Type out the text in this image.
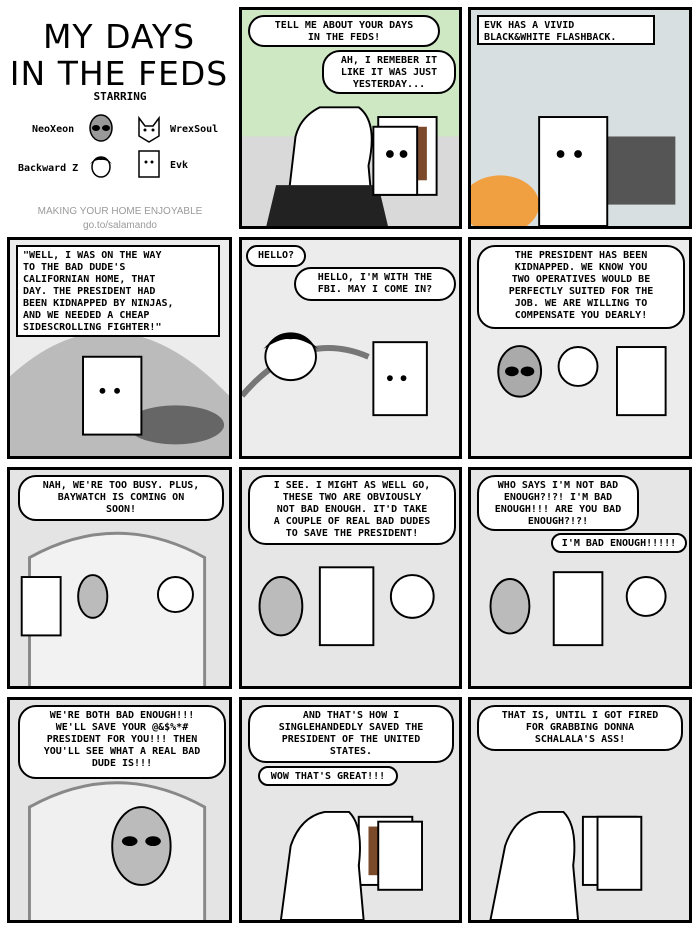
MY DAYS
IN THE FEDS
STARRING
NeoXeon	WrexSoul
Backward Z	Evk
MAKING YOUR HOME ENJOYABLE
go.to/salamando
TELL ME ABOUT YOUR DAYS
IN THE FEDS!
AH, I REMEBER IT
LIKE IT WAS JUST
YESTERDAY...
EVK HAS A VIVID
BLACK&WHITE FLASHBACK.
"WELL, I WAS ON THE WAY
TO THE BAD DUDE'S
CALIFORNIAN HOME, THAT
DAY. THE PRESIDENT HAD
BEEN KIDNAPPED BY NINJAS,
AND WE NEEDED A CHEAP
SIDESCROLLING FIGHTER!"
HELLO?
HELLO, I'M WITH THE
FBI. MAY I COME IN?
THE PRESIDENT HAS BEEN
KIDNAPPED. WE KNOW YOU
TWO OPERATIVES WOULD BE
PERFECTLY SUITED FOR THE
JOB. WE ARE WILLING TO
COMPENSATE YOU DEARLY!
NAH, WE'RE TOO BUSY. PLUS,
BAYWATCH IS COMING ON
SOON!
I SEE. I MIGHT AS WELL GO,
THESE TWO ARE OBVIOUSLY
NOT BAD ENOUGH. IT'D TAKE
A COUPLE OF REAL BAD DUDES
TO SAVE THE PRESIDENT!
WHO SAYS I'M NOT BAD
ENOUGH?!?! I'M BAD
ENOUGH!!! ARE YOU BAD
ENOUGH?!?!
I'M BAD ENOUGH!!!!!
WE'RE BOTH BAD ENOUGH!!!
WE'LL SAVE YOUR @&$%*#
PRESIDENT FOR YOU!!! THEN
YOU'LL SEE WHAT A REAL BAD
DUDE IS!!!
AND THAT'S HOW I
SINGLEHANDEDLY SAVED THE
PRESIDENT OF THE UNITED
STATES.
WOW THAT'S GREAT!!!
THAT IS, UNTIL I GOT FIRED
FOR GRABBING DONNA
SCHALALA'S ASS!
